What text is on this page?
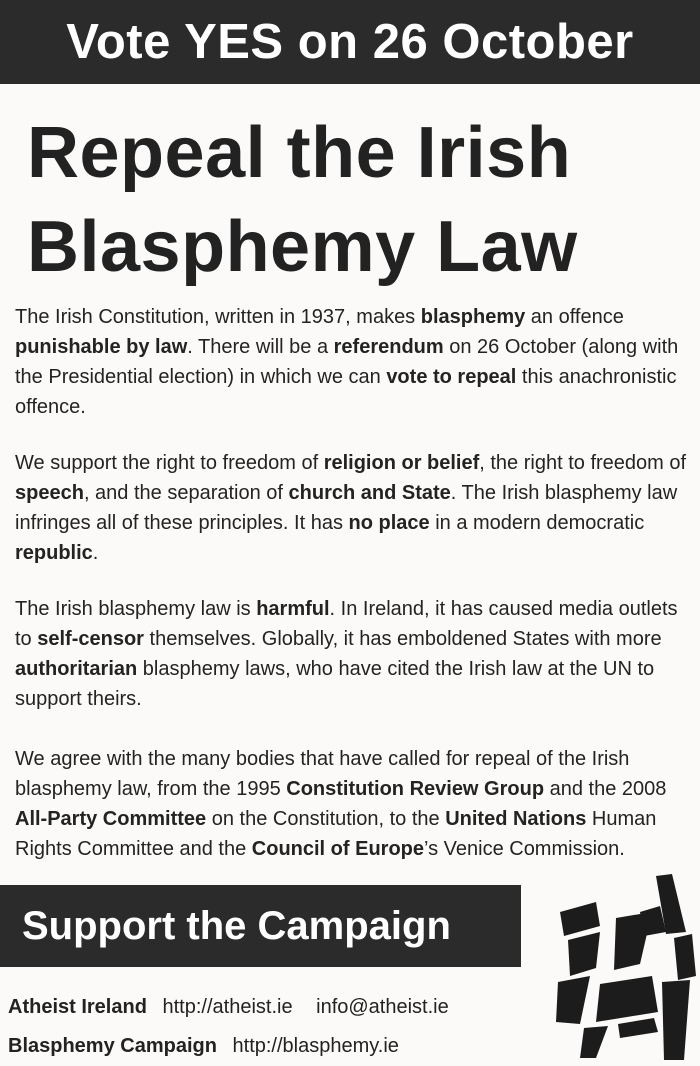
Vote YES on 26 October
Repeal the Irish
Blasphemy Law

The Irish Constitution, written in 1937, makes blasphemy an offence punishable by law. There will be a referendum on 26 October (along with the Presidential election) in which we can vote to repeal this anachronistic offence.

We support the right to freedom of religion or belief, the right to freedom of speech, and the separation of church and State. The Irish blasphemy law infringes all of these principles. It has no place in a modern democratic republic.

The Irish blasphemy law is harmful. In Ireland, it has caused media outlets to self-censor themselves. Globally, it has emboldened States with more authoritarian blasphemy laws, who have cited the Irish law at the UN to support theirs.

We agree with the many bodies that have called for repeal of the Irish blasphemy law, from the 1995 Constitution Review Group and the 2008 All-Party Committee on the Constitution, to the United Nations Human Rights Committee and the Council of Europe’s Venice Commission.

Support the Campaign
Atheist Ireland http://atheist.ie info@atheist.ie
Blasphemy Campaign http://blasphemy.ie
